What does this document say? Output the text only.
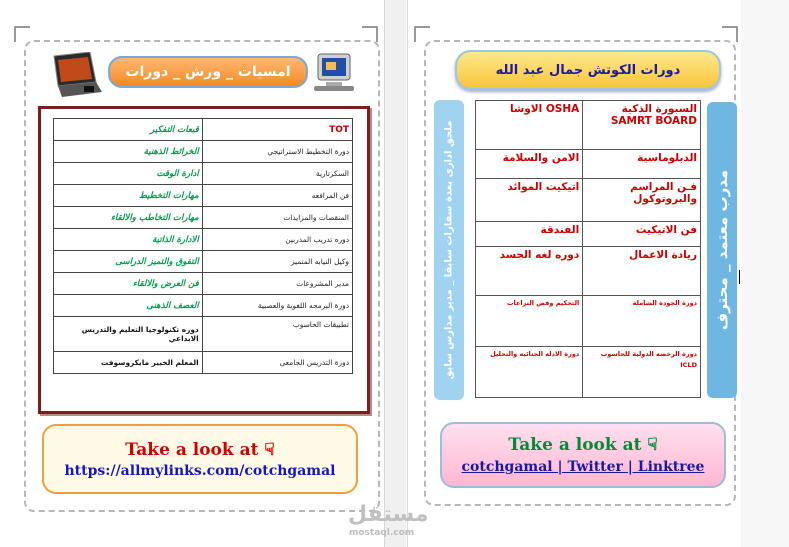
امسيات _ ورش _ دورات
قبعات التفكير	TOT
الخرائط الذهنية	دورة التخطيط الاستراتيجي
ادارة الوقت	السكرتارية
مهارات التخطيط	فن المرافعه
مهارات التخاطب والالقاء	المنقصات والمزايدات
الادارة الذاتية	دوره تدريب المدربين
التفوق والتميز الدراسى	وكيل النيابه المتميز
فن العرض والالقاء	مدير المشروعات
العصف الذهنى	دورة البرمجه اللغوية والعصبية
دوره تكنولوجيا التعليم والتدريس الابداعي	تطبيقات الحاسوب
المعلم الخبير مايكروسوفت	دورة التدريس الجامعى
Take a look at ☟
https://allmylinks.com/cotchgamal
دورات الكوتش جمال عبد الله
ملحق ادارى بعدة سفارات سابقا _ مدير مدارس سابق
الاوشا OSHA	السبورة الذكية SAMRT BOARD
الامن والسلامة	الدبلوماسية
اتيكيت الموائد	فـن المراسم والبروتوكول
الفندقة	فن الاتيكيت
دوره لغه الجسد	ريادة الاعمال
التحكيم وفض النزاعات	دورة الجودة الشاملة
دورة الادله الجنائيه والتحليل	دورة الرخصه الدولية للحاسوب ICLD
مدرب معتمد _ محترف
Take a look at ☟
cotchgamal | Twitter | Linktree
مستقل
mostaql.com
